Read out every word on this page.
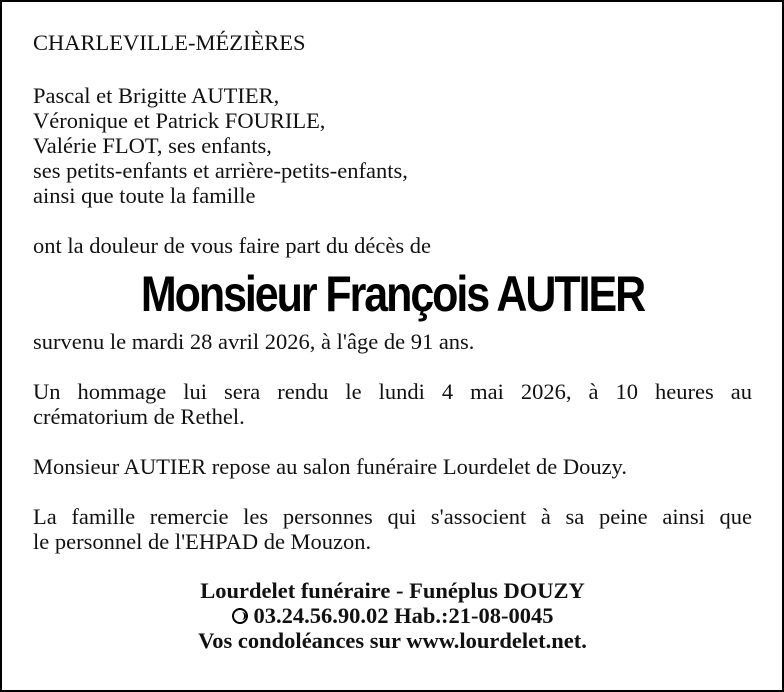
CHARLEVILLE-MÉZIÈRES
Pascal et Brigitte AUTIER,
Véronique et Patrick FOURILE,
Valérie FLOT, ses enfants,
ses petits-enfants et arrière-petits-enfants,
ainsi que toute la famille
ont la douleur de vous faire part du décès de
Monsieur François AUTIER
survenu le mardi 28 avril 2026, à l'âge de 91 ans.
Un hommage lui sera rendu le lundi 4 mai 2026, à 10 heures au
crématorium de Rethel.
Monsieur AUTIER repose au salon funéraire Lourdelet de Douzy.
La famille remercie les personnes qui s'associent à sa peine ainsi que
le personnel de l'EHPAD de Mouzon.
Lourdelet funéraire - Funéplus DOUZY
03.24.56.90.02 Hab.:21-08-0045
Vos condoléances sur www.lourdelet.net.
